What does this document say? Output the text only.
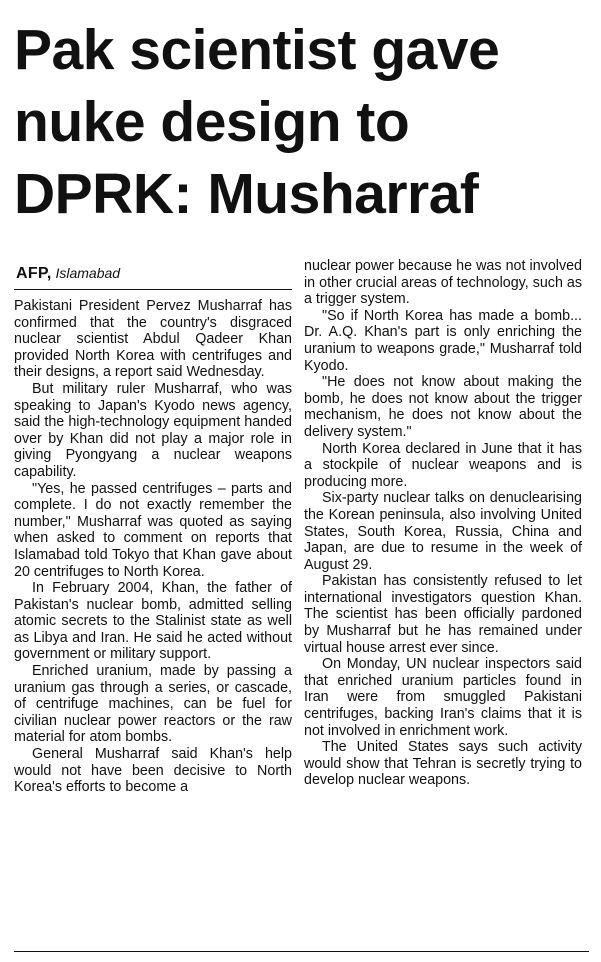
Pak scientist gave
nuke design to
DPRK: Musharraf
AFP, Islamabad

Pakistani President Pervez Musharraf has confirmed that the country's disgraced nuclear scientist Abdul Qadeer Khan provided North Korea with centrifuges and their designs, a report said Wednesday.

But military ruler Musharraf, who was speaking to Japan's Kyodo news agency, said the high-technology equipment handed over by Khan did not play a major role in giving Pyongyang a nuclear weapons capability.

"Yes, he passed centrifuges – parts and complete. I do not exactly remember the number," Musharraf was quoted as saying when asked to comment on reports that Islamabad told Tokyo that Khan gave about 20 centrifuges to North Korea.

In February 2004, Khan, the father of Pakistan's nuclear bomb, admitted selling atomic secrets to the Stalinist state as well as Libya and Iran. He said he acted without government or military support.

Enriched uranium, made by passing a uranium gas through a series, or cascade, of centrifuge machines, can be fuel for civilian nuclear power reactors or the raw material for atom bombs.

General Musharraf said Khan's help would not have been decisive to North Korea's efforts to become a

nuclear power because he was not involved in other crucial areas of technology, such as a trigger system.

"So if North Korea has made a bomb... Dr. A.Q. Khan's part is only enriching the uranium to weapons grade," Musharraf told Kyodo.

"He does not know about making the bomb, he does not know about the trigger mechanism, he does not know about the delivery system."

North Korea declared in June that it has a stockpile of nuclear weapons and is producing more.

Six-party nuclear talks on denuclearising the Korean peninsula, also involving United States, South Korea, Russia, China and Japan, are due to resume in the week of August 29.

Pakistan has consistently refused to let international investigators question Khan. The scientist has been officially pardoned by Musharraf but he has remained under virtual house arrest ever since.

On Monday, UN nuclear inspectors said that enriched uranium particles found in Iran were from smuggled Pakistani centrifuges, backing Iran's claims that it is not involved in enrichment work.

The United States says such activity would show that Tehran is secretly trying to develop nuclear weapons.
